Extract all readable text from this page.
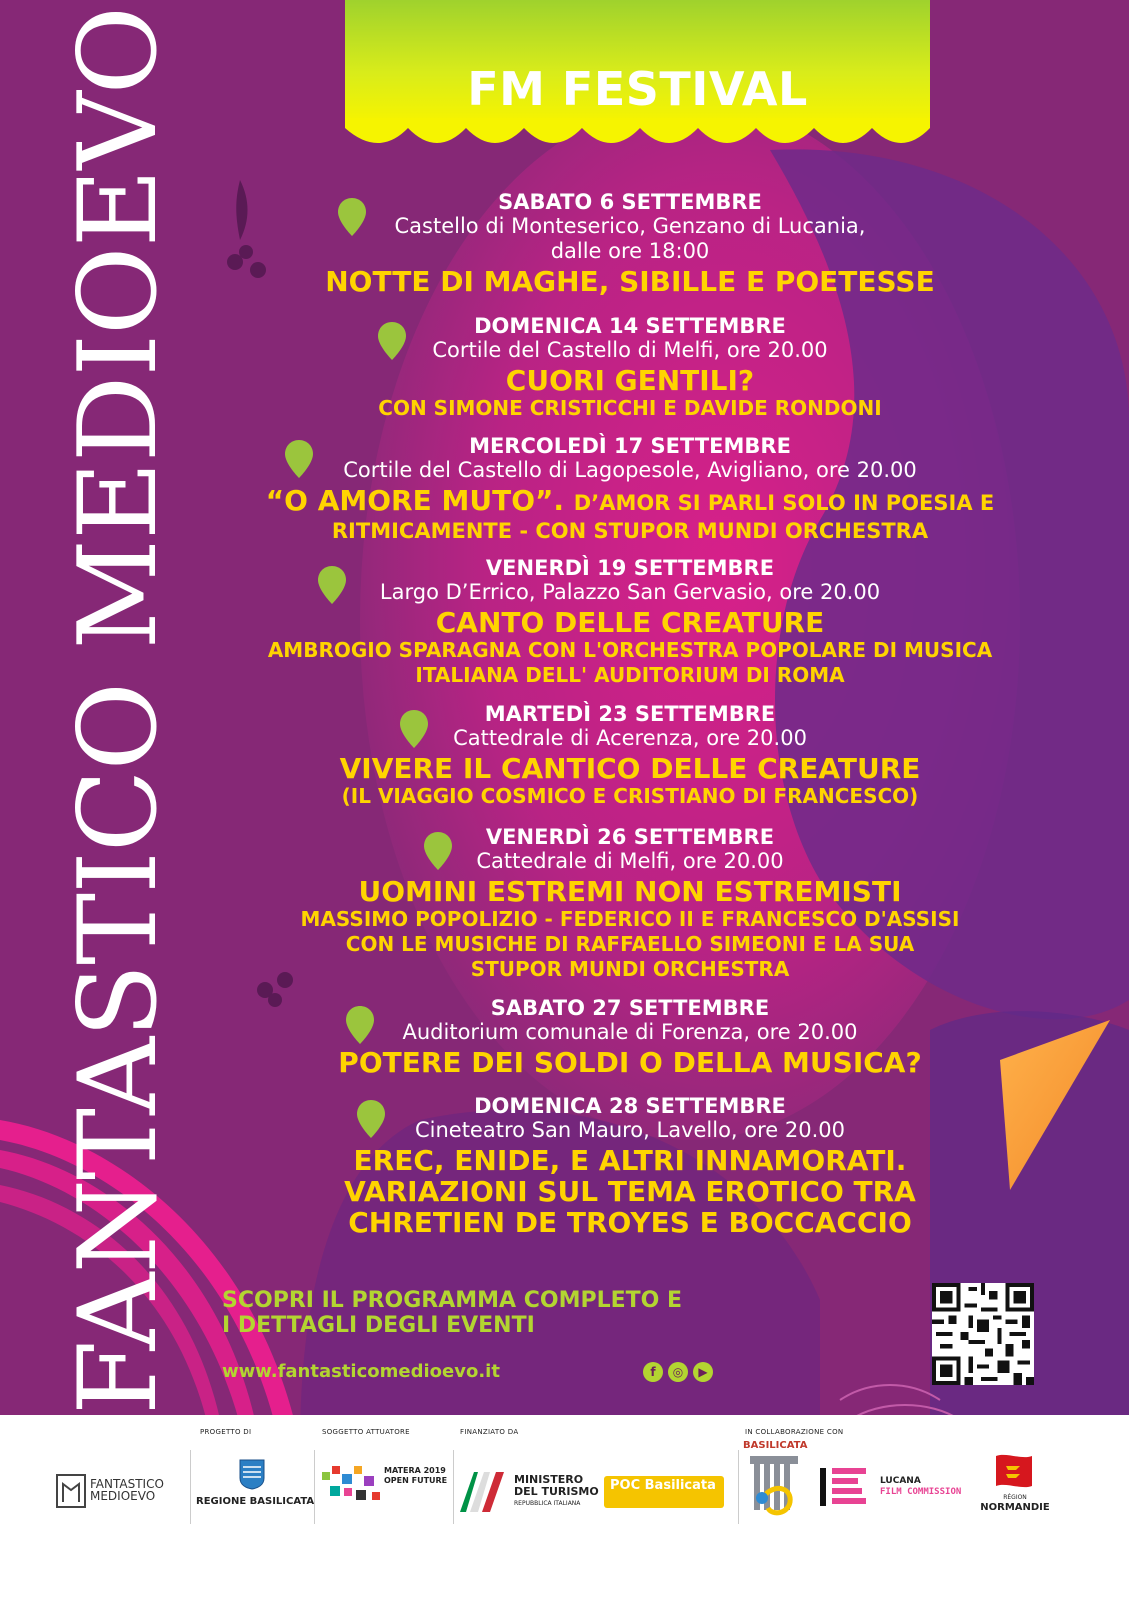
FANTASTICO MEDIOEVO	FM FESTIVAL
SABATO 6 SETTEMBRE
Castello di Monteserico, Genzano di Lucania,
dalle ore 18:00
NOTTE DI MAGHE, SIBILLE E POETESSE
DOMENICA 14 SETTEMBRE
Cortile del Castello di Melfi, ore 20.00
CUORI GENTILI?
CON SIMONE CRISTICCHI E DAVIDE RONDONI
MERCOLEDÌ 17 SETTEMBRE
Cortile del Castello di Lagopesole, Avigliano, ore 20.00
“O AMORE MUTO”. D’AMOR SI PARLI SOLO IN POESIA E
RITMICAMENTE - CON STUPOR MUNDI ORCHESTRA
VENERDÌ 19 SETTEMBRE
Largo D’Errico, Palazzo San Gervasio, ore 20.00
CANTO DELLE CREATURE
AMBROGIO SPARAGNA CON L'ORCHESTRA POPOLARE DI MUSICA
ITALIANA DELL' AUDITORIUM DI ROMA
MARTEDÌ 23 SETTEMBRE
Cattedrale di Acerenza, ore 20.00
VIVERE IL CANTICO DELLE CREATURE
(IL VIAGGIO COSMICO E CRISTIANO DI FRANCESCO)
VENERDÌ 26 SETTEMBRE
Cattedrale di Melfi, ore 20.00
UOMINI ESTREMI NON ESTREMISTI
MASSIMO POPOLIZIO - FEDERICO II E FRANCESCO D'ASSISI
CON LE MUSICHE DI RAFFAELLO SIMEONI E LA SUA
STUPOR MUNDI ORCHESTRA
SABATO 27 SETTEMBRE
Auditorium comunale di Forenza, ore 20.00
POTERE DEI SOLDI O DELLA MUSICA?
DOMENICA 28 SETTEMBRE
Cineteatro San Mauro, Lavello, ore 20.00
EREC, ENIDE, E ALTRI INNAMORATI.
VARIAZIONI SUL TEMA EROTICO TRA
CHRETIEN DE TROYES E BOCCACCIO
SCOPRI IL PROGRAMMA COMPLETO E
I DETTAGLI DEGLI EVENTI
www.fantasticomedioevo.it	f	◎	▶
PROGETTO DI	SOGGETTO ATTUATORE	FINANZIATO DA	IN COLLABORAZIONE CON
FANTASTICO
MEDIOEVO	REGIONE BASILICATA
MATERA 2019
OPEN FUTURE	MINISTERO
DEL TURISMO
REPUBBLICA ITALIANA
POC Basilicata
BASILICATA
LUCANA
FILM COMMISSION
RÉGION
NORMANDIE
